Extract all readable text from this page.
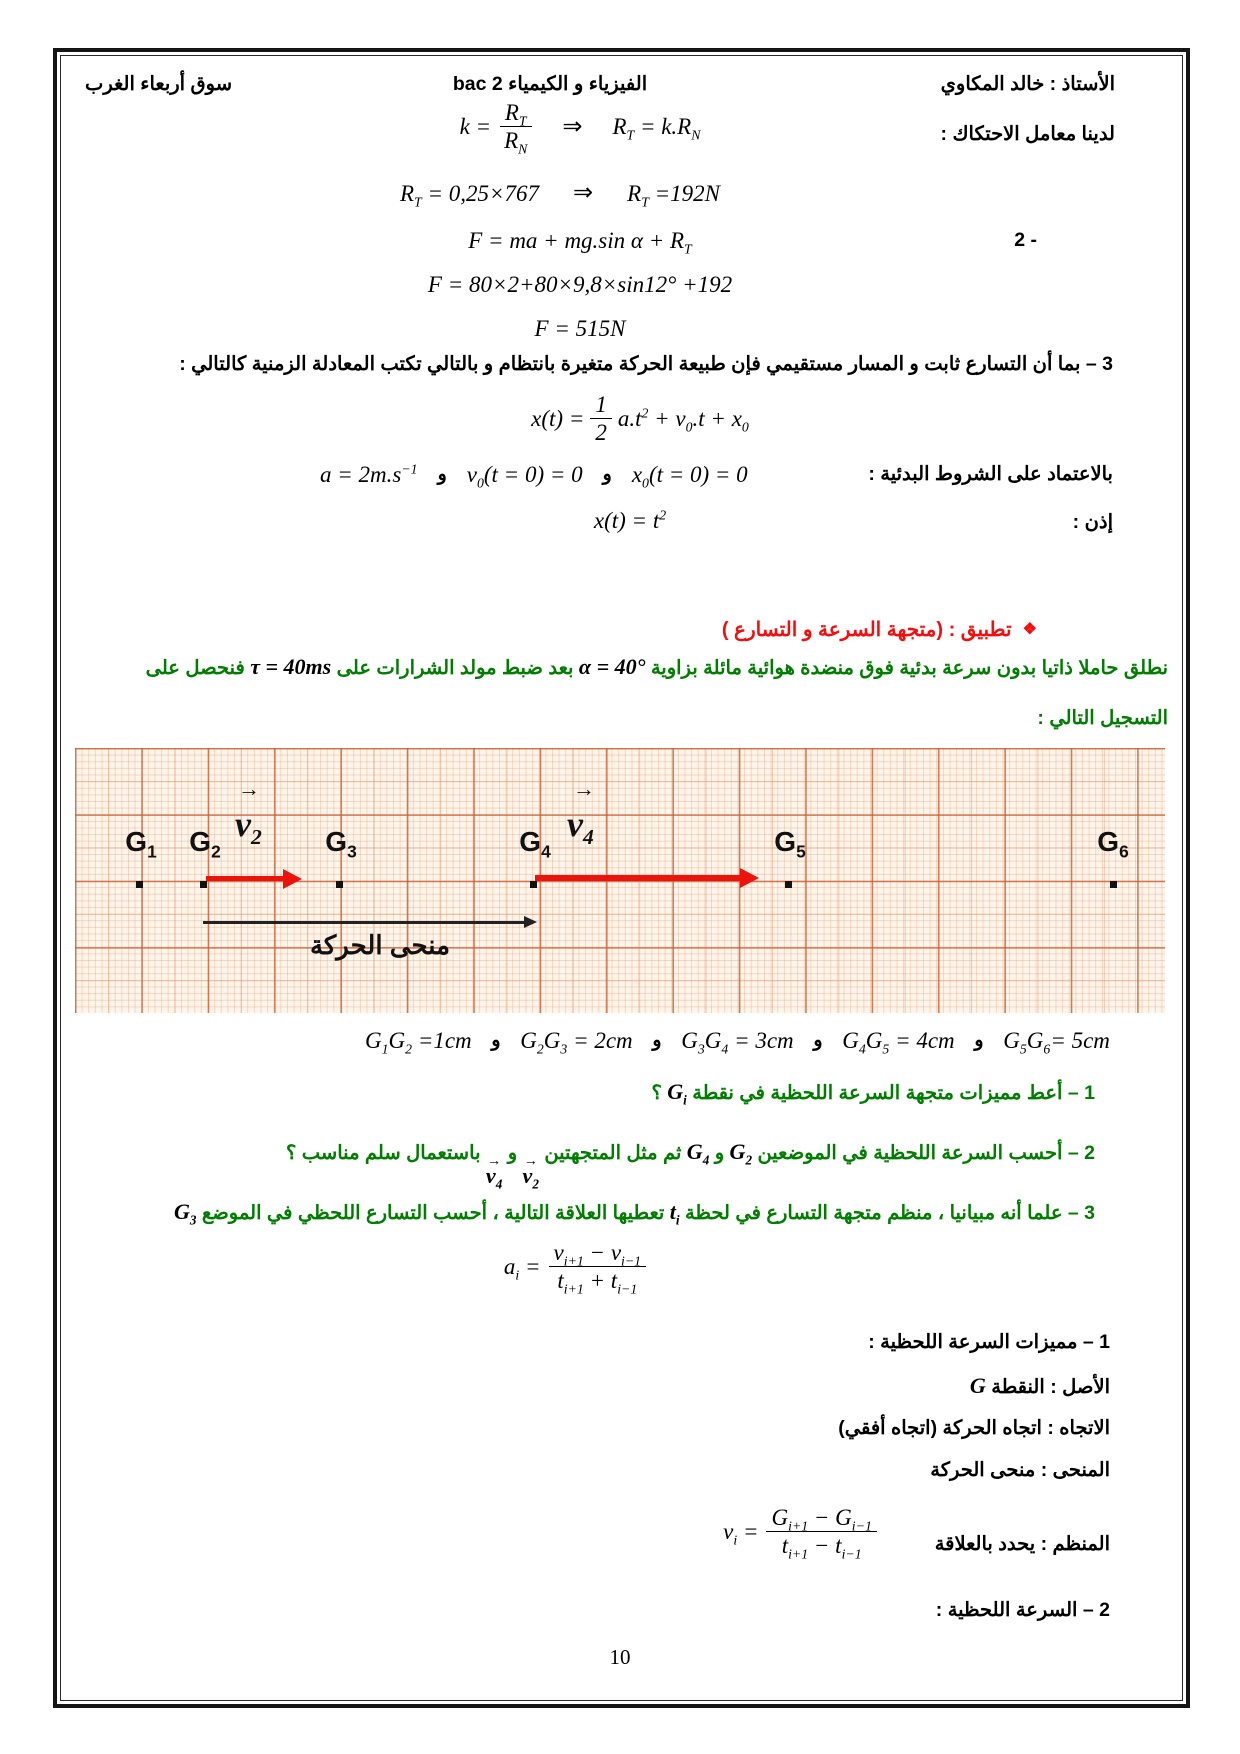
الأستاذ : خالد المكاوي
الفيزياء و الكيمياء 2 bac
سوق أربعاء الغرب
لدينا معامل الاحتكاك :
$k = \frac{R_T}{R_N}$ ⇒ $R_T = k.R_N$
$R_T = 0,25\times 767$ ⇒ $R_T =192N$
- 2
F = ma + mg.sin $\alpha + R_T$
F = 80×2+80×9,8×sin12° +192
F = 515N
3 – بما أن التسارع ثابت و المسار مستقيمي فإن طبيعة الحركة متغيرة بانتظام و بالتالي تكتب المعادلة الزمنية كالتالي :
$x(t) = \frac{1}{2} a.t^2 + v_0.t + x_0$
$a = 2m.s^{-1}$ و $v_0(t = 0) = 0$ و $x_0(t = 0) = 0$	بالاعتماد على الشروط البدئية :
إذن :
$x(t) = t^2$
❖  تطبيق : (متجهة السرعة و التسارع )
نطلق حاملا ذاتيا بدون سرعة بدئية فوق منضدة هوائية مائلة بزاوية α = 40° بعد ضبط مولد الشرارات على τ = 40ms فنحصل على
التسجيل التالي :
$G_1$	$G_2$	$G_3$	$G_4$	$G_5$	$G_6$
→
$v_2$
→
$v_4$
منحى الحركة
$G_1G_2 =1cm$ و $G_2G_3 = 2cm$ و $G_3G_4 = 3cm$ و $G_4G_5 = 4cm$ و $G_5G_6= 5cm$
1 – أعط مميزات متجهة السرعة اللحظية في نقطة $G_i$ ؟
2 – أحسب السرعة اللحظية في الموضعين $G_2$ و $G_4$ ثم مثل المتجهتين
→
$v_2$
و
→
$v_4$
باستعمال سلم مناسب ؟
3 – علما أنه مبيانيا ، منظم متجهة التسارع في لحظة $t_i$ تعطيها العلاقة التالية ، أحسب التسارع اللحظي في الموضع $G_3$
$a_i = \frac{v_{i+1} - v_{i-1}}{t_{i+1} + t_{i-1}}$
1 – مميزات السرعة اللحظية :
الأصل : النقطة G
الاتجاه : اتجاه الحركة (اتجاه أفقي)
المنحى : منحى الحركة
المنظم : يحدد بالعلاقة
$v_i = \frac{G_{i+1} - G_{i-1}}{t_{i+1} - t_{i-1}}$
2 – السرعة اللحظية :
10
